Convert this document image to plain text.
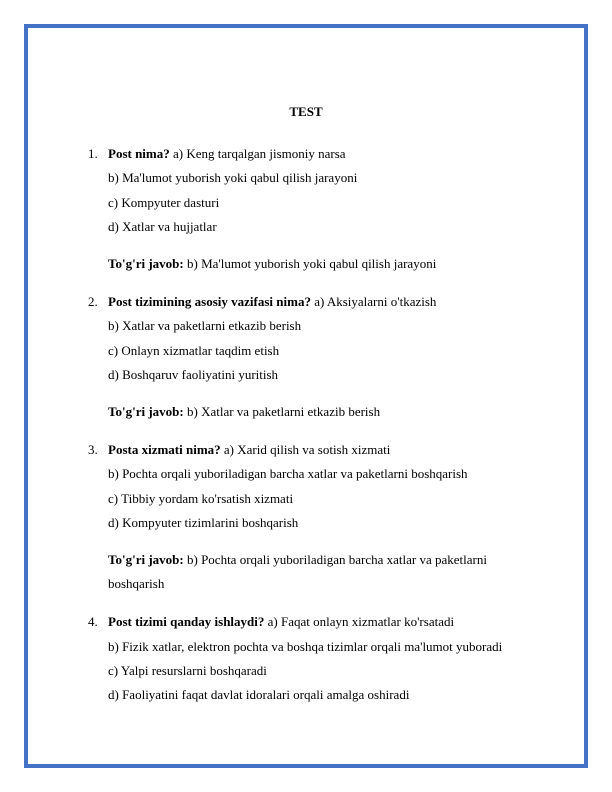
TEST
1. Post nima? a) Keng tarqalgan jismoniy narsa
b) Ma'lumot yuborish yoki qabul qilish jarayoni
c) Kompyuter dasturi
d) Xatlar va hujjatlar
To'g'ri javob: b) Ma'lumot yuborish yoki qabul qilish jarayoni
2. Post tizimining asosiy vazifasi nima? a) Aksiyalarni o'tkazish
b) Xatlar va paketlarni etkazib berish
c) Onlayn xizmatlar taqdim etish
d) Boshqaruv faoliyatini yuritish
To'g'ri javob: b) Xatlar va paketlarni etkazib berish
3. Posta xizmati nima? a) Xarid qilish va sotish xizmati
b) Pochta orqali yuboriladigan barcha xatlar va paketlarni boshqarish
c) Tibbiy yordam ko'rsatish xizmati
d) Kompyuter tizimlarini boshqarish
To'g'ri javob: b) Pochta orqali yuboriladigan barcha xatlar va paketlarni boshqarish
4. Post tizimi qanday ishlaydi? a) Faqat onlayn xizmatlar ko'rsatadi
b) Fizik xatlar, elektron pochta va boshqa tizimlar orqali ma'lumot yuboradi
c) Yalpi resurslarni boshqaradi
d) Faoliyatini faqat davlat idoralari orqali amalga oshiradi
